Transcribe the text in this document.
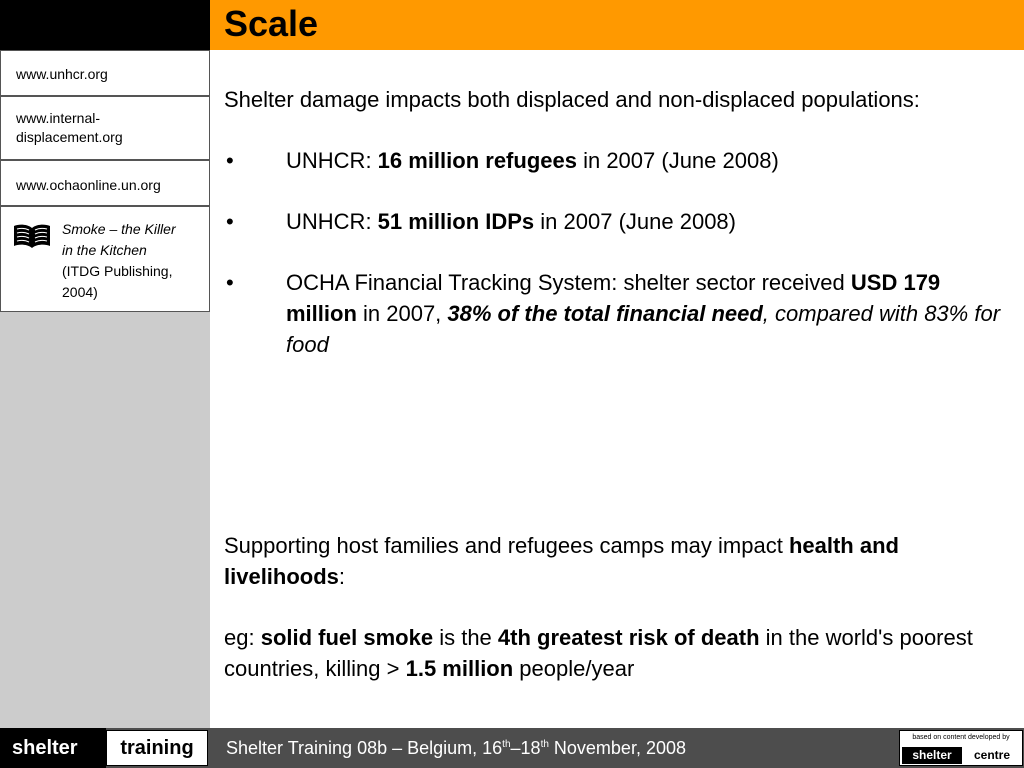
Scale
www.unhcr.org
www.internal-
displacement.org
www.ochaonline.un.org
Smoke – the Killer
in the Kitchen
(ITDG Publishing,
2004)

Shelter damage impacts both displaced and non-displaced populations:

• UNHCR: 16 million refugees in 2007 (June 2008)

• UNHCR: 51 million IDPs in 2007 (June 2008)

• OCHA Financial Tracking System: shelter sector received USD 179 million in 2007, 38% of the total financial need, compared with 83% for food

Supporting host families and refugees camps may impact health and livelihoods:

eg: solid fuel smoke is the 4th greatest risk of death in the world's poorest countries, killing > 1.5 million people/year

shelter	training	Shelter Training 08b – Belgium, 16th–18th November, 2008
based on content developed by
shelter	centre
